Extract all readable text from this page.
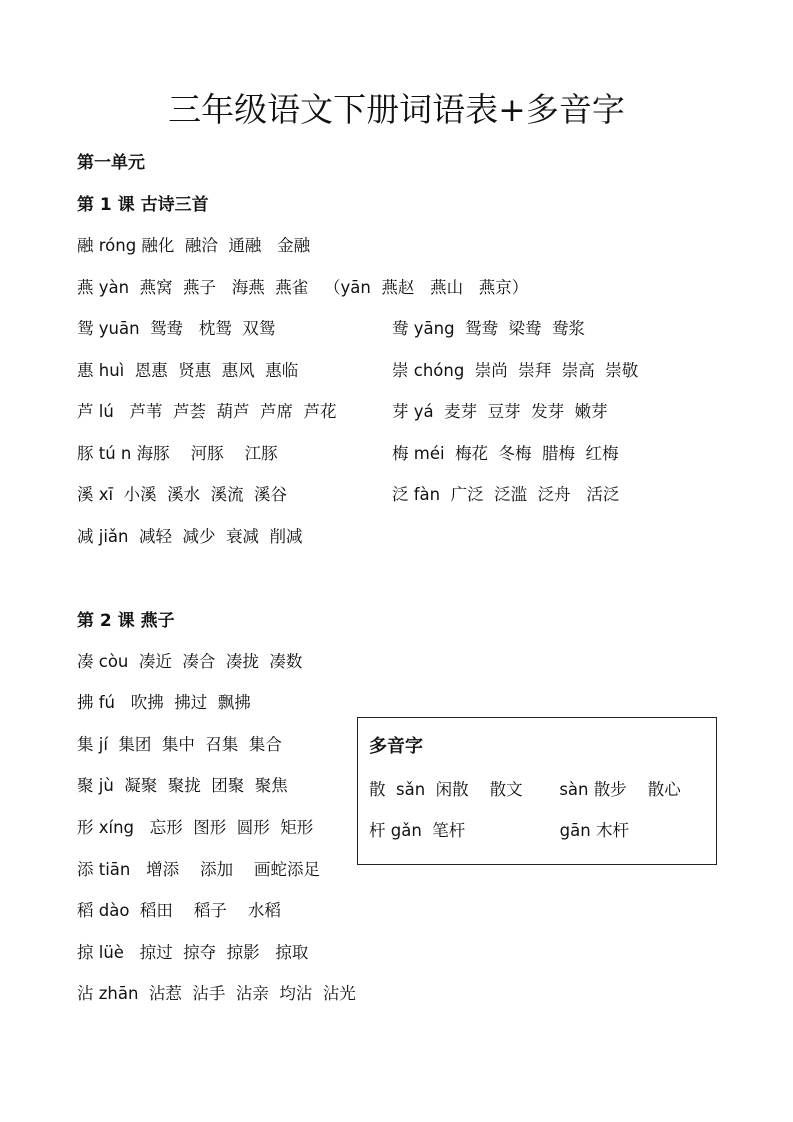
三年级语文下册词语表+多音字
第一单元
第 1 课 古诗三首
融 róng 融化  融洽  通融   金融
燕 yàn  燕窝  燕子   海燕  燕雀   （yān  燕赵   燕山   燕京）
鸳 yuān  鸳鸯   枕鸳  双鸳
惠 huì  恩惠  贤惠  惠风  惠临
芦 lú   芦苇  芦荟  葫芦  芦席  芦花
豚 tú n 海豚    河豚    江豚
溪 xī  小溪  溪水  溪流  溪谷
减 jiǎn  减轻  减少  衰减  削减
鸯 yāng  鸳鸯  梁鸯  鸯浆
崇 chóng  崇尚  崇拜  崇高  崇敬
芽 yá  麦芽  豆芽  发芽  嫩芽
梅 méi  梅花  冬梅  腊梅  红梅
泛 fàn  广泛  泛滥  泛舟   活泛
第 2 课 燕子
凑 còu  凑近  凑合  凑拢  凑数
拂 fú   吹拂  拂过  飘拂
集 jí  集团  集中  召集  集合
聚 jù  凝聚  聚拢  团聚  聚焦
形 xíng   忘形  图形  圆形  矩形
添 tiān   增添    添加    画蛇添足
稻 dào  稻田    稻子    水稻
掠 lüè   掠过  掠夺  掠影   掠取
沾 zhān  沾惹  沾手  沾亲  均沾  沾光
多音字
散  sǎn  闲散    散文       sàn 散步    散心
杆 gǎn  笔杆                  gān 木杆
